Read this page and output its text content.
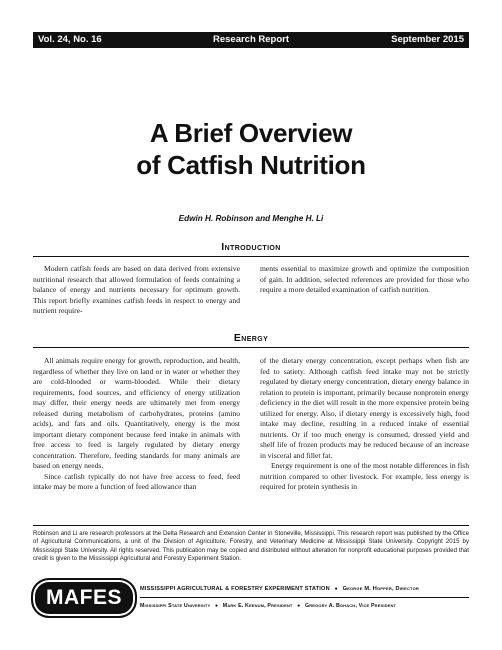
Vol. 24, No. 16	Research Report	September 2015
A Brief Overview
of Catfish Nutrition
Edwin H. Robinson and Menghe H. Li
Introduction

Modern catfish feeds are based on data derived from extensive nutritional research that allowed formulation of feeds containing a balance of energy and nutrients necessary for optimum growth. This report briefly examines catfish feeds in respect to energy and nutrient require-

ments essential to maximize growth and optimize the composition of gain. In addition, selected references are provided for those who require a more detailed examination of catfish nutrition.

Energy

All animals require energy for growth, reproduction, and health, regardless of whether they live on land or in water or whether they are cold-blooded or warm-blooded. While their dietary requirements, food sources, and efficiency of energy utilization may differ, their energy needs are ultimately met from energy released during metabolism of carbohydrates, proteins (amino acids), and fats and oils. Quantitatively, energy is the most important dietary component because feed intake in animals with free access to feed is largely regulated by dietary energy concentration. Therefore, feeding standards for many animals are based on energy needs.

Since catfish typically do not have free access to feed, feed intake may be more a function of feed allowance than

of the dietary energy concentration, except perhaps when fish are fed to satiety. Although catfish feed intake may not be strictly regulated by dietary energy concentration, dietary energy balance in relation to protein is important, primarily because nonprotein energy deficiency in the diet will result in the more expensive protein being utilized for energy. Also, if dietary energy is excessively high, food intake may decline, resulting in a reduced intake of essential nutrients. Or if too much energy is consumed, dressed yield and shelf life of frozen products may be reduced because of an increase in visceral and fillet fat.

Energy requirement is one of the most notable differences in fish nutrition compared to other livestock. For example, less energy is required for protein synthesis in

Robinson and Li are research professors at the Delta Research and Extension Center in Stoneville, Mississippi. This research report was published by the Office of Agricultural Communications, a unit of the Division of Agriculture, Forestry, and Veterinary Medicine at Mississippi State University. Copyright 2015 by Mississippi State University. All rights reserved. This publication may be copied and distributed without alteration for nonprofit educational purposes provided that credit is given to the Mississippi Agricultural and Forestry Experiment Station.
MAFES	MISSISSIPPI AGRICULTURAL & FORESTRY EXPERIMENT STATION ● George M. Hopper, Director
Mississippi State University ● Mark E. Keenum, President ● Gregory A. Bohach, Vice President
